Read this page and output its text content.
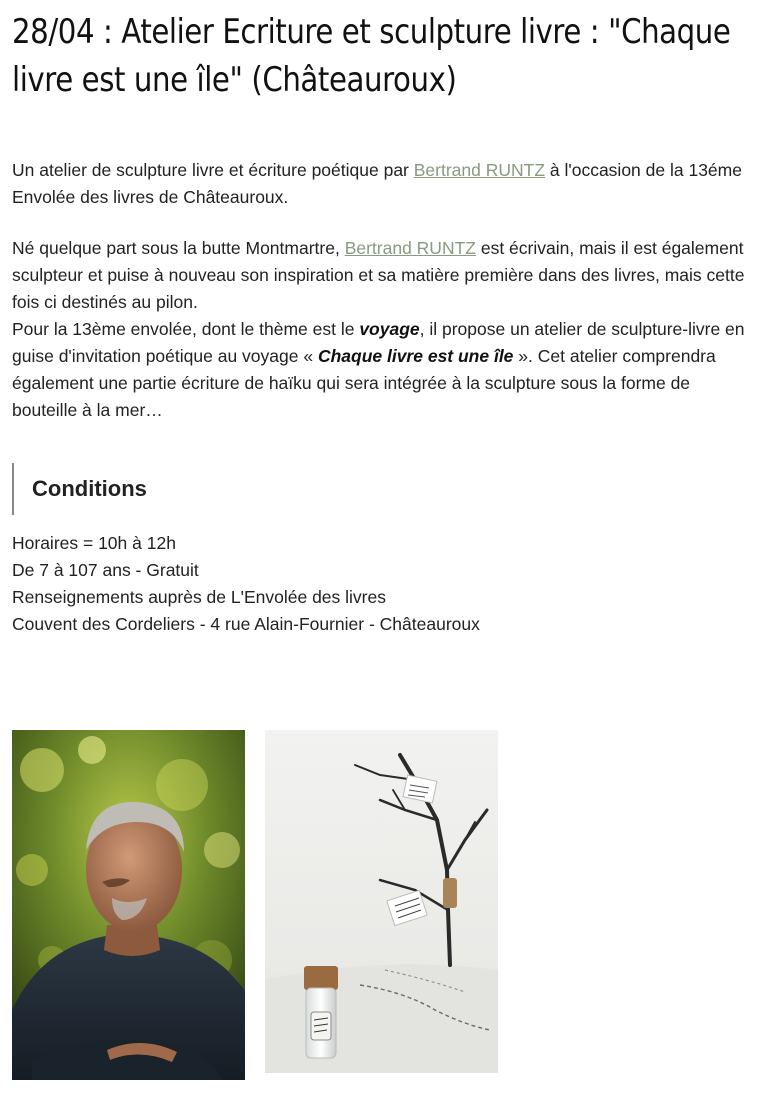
28/04 : Atelier Ecriture et sculpture livre : "Chaque livre est une île" (Châteauroux)

Un atelier de sculpture livre et écriture poétique par Bertrand RUNTZ à l'occasion de la 13éme Envolée des livres de Châteauroux.

Né quelque part sous la butte Montmartre, Bertrand RUNTZ est écrivain, mais il est également sculpteur et puise à nouveau son inspiration et sa matière première dans des livres, mais cette fois ci destinés au pilon.
Pour la 13ème envolée, dont le thème est le voyage, il propose un atelier de sculpture-livre en guise d'invitation poétique au voyage « Chaque livre est une île ». Cet atelier comprendra également une partie écriture de haïku qui sera intégrée à la sculpture sous la forme de bouteille à la mer…
Conditions
Horaires = 10h à 12h
De 7 à 107 ans - Gratuit
Renseignements auprès de L'Envolée des livres
Couvent des Cordeliers - 4 rue Alain-Fournier - Châteauroux
